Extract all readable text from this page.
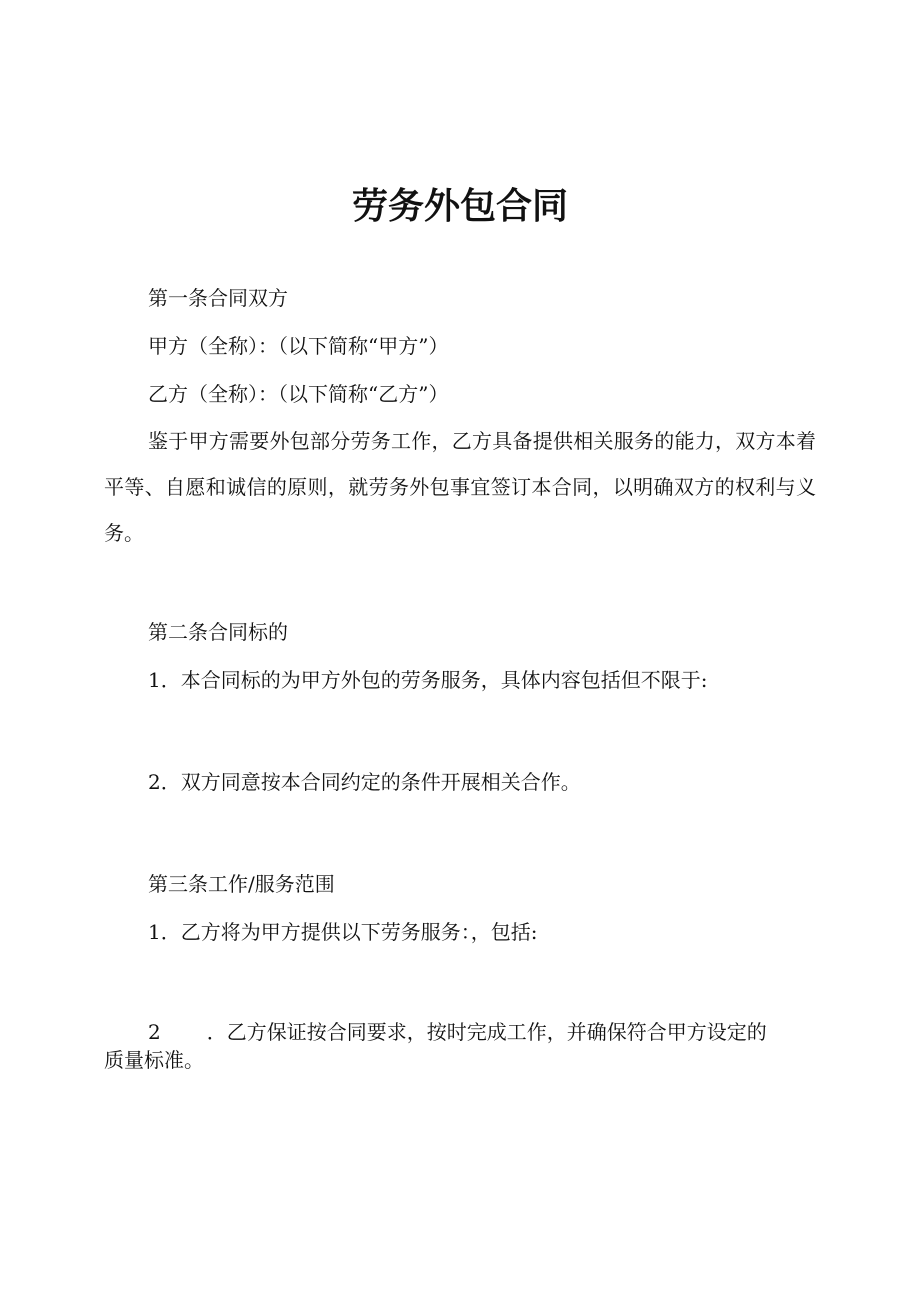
劳务外包合同
第一条合同双方
甲方（全称）：（以下简称“甲方”）
乙方（全称）：（以下简称“乙方”）

鉴于甲方需要外包部分劳务工作，乙方具备提供相关服务的能力，双方本着平等、自愿和诚信的原则，就劳务外包事宜签订本合同，以明确双方的权利与义务。

第二条合同标的
1．本合同标的为甲方外包的劳务服务，具体内容包括但不限于:
2．双方同意按本合同约定的条件开展相关合作。
第三条工作/服务范围
1．乙方将为甲方提供以下劳务服务：，包括:
2 ．乙方保证按合同要求，按时完成工作，并确保符合甲方设定的
质量标准。
